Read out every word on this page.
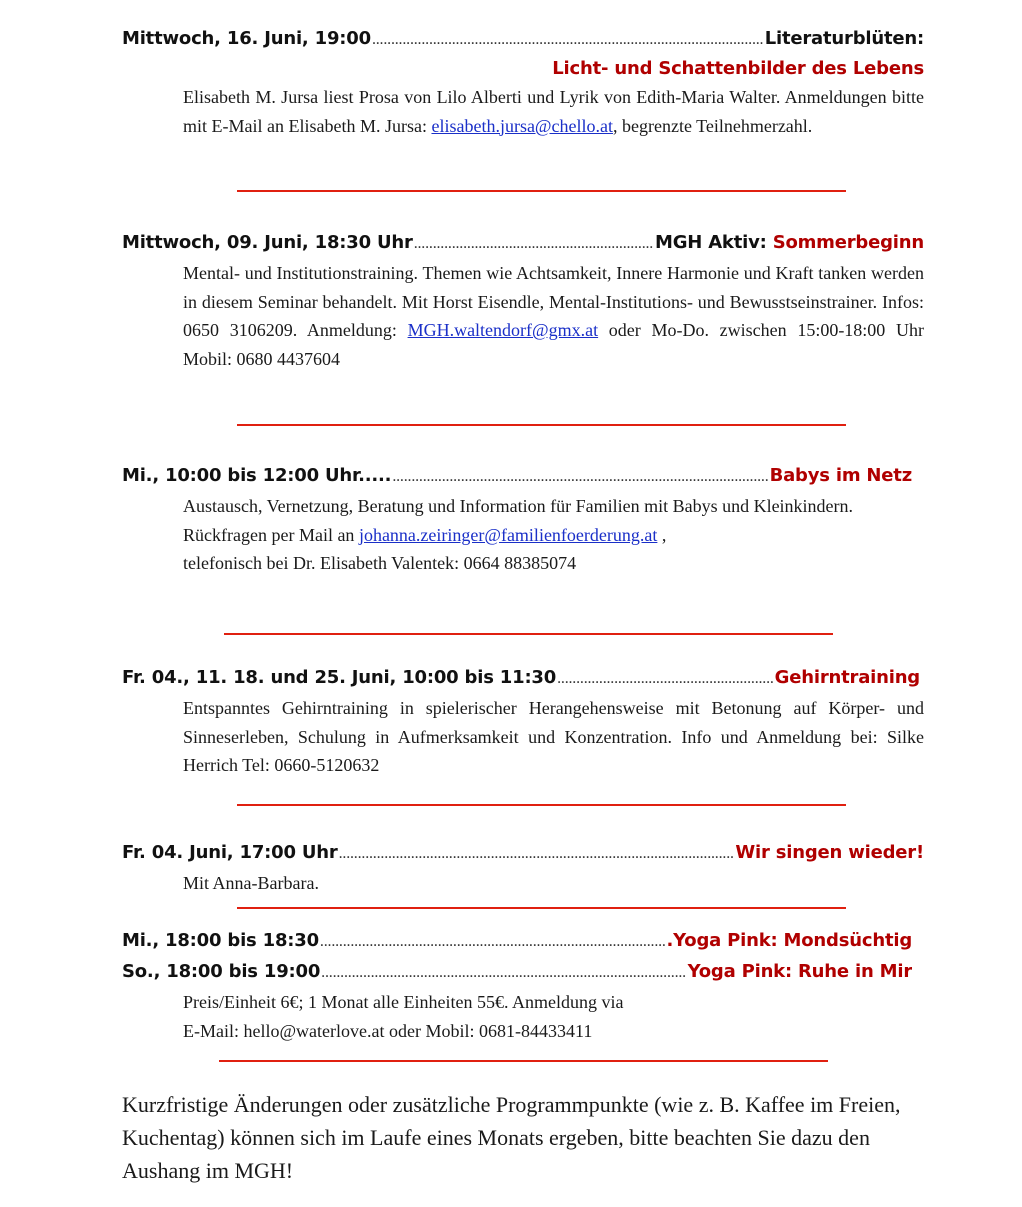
Mittwoch, 16. Juni, 19:00 .....	Literaturblüten:
Licht- und Schattenbilder des Lebens

Elisabeth M. Jursa liest Prosa von Lilo Alberti und Lyrik von Edith-Maria Walter. Anmeldungen bitte mit E-Mail an Elisabeth M. Jursa: elisabeth.jursa@chello.at, begrenzte Teilnehmerzahl.

Mittwoch, 09. Juni, 18:30 Uhr .....	MGH Aktiv: Sommerbeginn

Mental- und Institutionstraining. Themen wie Achtsamkeit, Innere Harmonie und Kraft tanken werden in diesem Seminar behandelt. Mit Horst Eisendle, Mental-Institutions- und Bewusstseinstrainer. Infos: 0650 3106209. Anmeldung: MGH.waltendorf@gmx.at oder Mo-Do. zwischen 15:00-18:00 Uhr Mobil: 0680 4437604

Mi., 10:00 bis 12:00 Uhr..... .....	Babys im Netz

Austausch, Vernetzung, Beratung und Information für Familien mit Babys und Kleinkindern.

Rückfragen per Mail an johanna.zeiringer@familienfoerderung.at ,

telefonisch bei Dr. Elisabeth Valentek: 0664 88385074

Fr. 04., 11. 18. und 25. Juni, 10:00 bis 11:30 .....	Gehirntraining

Entspanntes Gehirntraining in spielerischer Herangehensweise mit Betonung auf Körper- und Sinneserleben, Schulung in Aufmerksamkeit und Konzentration. Info und Anmeldung bei: Silke Herrich Tel: 0660-5120632

Fr. 04. Juni, 17:00 Uhr .....	Wir singen wieder!

Mit Anna-Barbara.

Mi., 18:00 bis 18:30 .....	.Yoga Pink: Mondsüchtig
So., 18:00 bis 19:00 .....	Yoga Pink: Ruhe in Mir

Preis/Einheit 6€; 1 Monat alle Einheiten 55€. Anmeldung via

E-Mail: hello@waterlove.at oder Mobil: 0681-84433411

Kurzfristige Änderungen oder zusätzliche Programmpunkte (wie z. B. Kaffee im Freien, Kuchentag) können sich im Laufe eines Monats ergeben, bitte beachten Sie dazu den Aushang im MGH!
